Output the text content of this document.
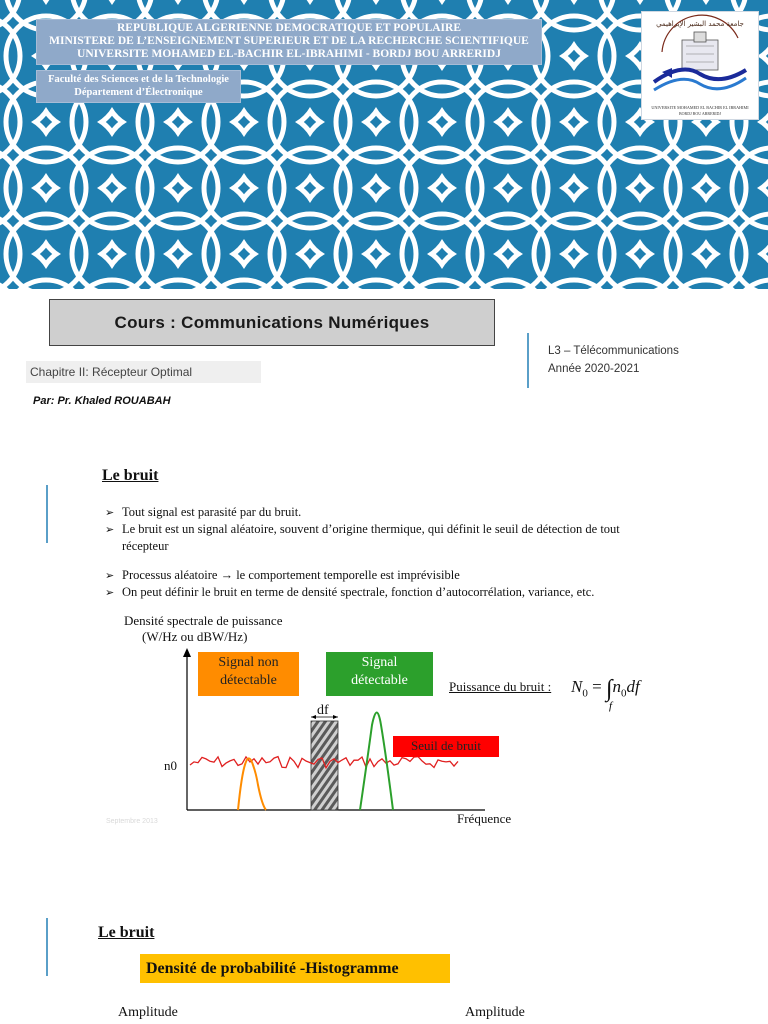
REPUBLIQUE ALGERIENNE DEMOCRATIQUE ET POPULAIRE
MINISTERE DE L’ENSEIGNEMENT SUPERIEUR ET DE LA RECHERCHE SCIENTIFIQUE
UNIVERSITE MOHAMED EL-BACHIR EL-IBRAHIMI - BORDJ BOU ARRERIDJ
Faculté des Sciences et de la Technologie
Département d’Électronique
جامعة محمد البشير الإبراهيمي
UNIVERSITE MOHAMED EL BACHIR EL IBRAHIMI
BORDJ BOU ARRERIDJ
Cours : Communications Numériques
Chapitre II: Récepteur Optimal
Par: Pr. Khaled ROUABAH
L3 – Télécommunications
Année 2020-2021
Le bruit
➢ Tout signal est parasité par du bruit.
➢ Le bruit est un signal aléatoire, souvent d’origine thermique, qui définit le seuil de détection de tout récepteur
➢ Processus aléatoire → le comportement temporelle est imprévisible
➢ On peut définir le bruit en terme de densité spectrale, fonction d’autocorrélation, variance, etc.
Densité spectrale de puissance
(W/Hz ou dBW/Hz)
n0
df
Fréquence
Septembre 2013
Signal non
détectable
Signal
détectable
Seuil de bruit
Puissance du bruit : $N_0 = \int n_0df$
f
Le bruit
Densité de probabilité -Histogramme
Amplitude	Amplitude
